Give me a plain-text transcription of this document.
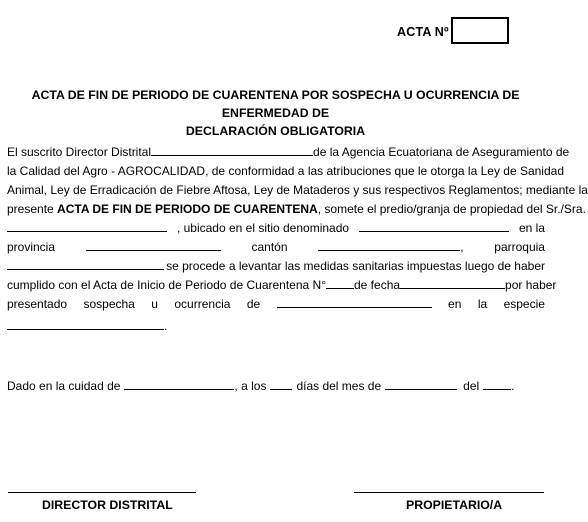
ACTA Nº
ACTA DE FIN DE PERIODO DE CUARENTENA POR SOSPECHA U OCURRENCIA DE ENFERMEDAD DE
DECLARACIÓN OBLIGATORIA
El suscrito Director Distrital	de la Agencia Ecuatoriana de Aseguramiento de
la Calidad del Agro - AGROCALIDAD, de conformidad a las atribuciones que le otorga la Ley de Sanidad
Animal, Ley de Erradicación de Fiebre Aftosa, Ley de Mataderos y sus respectivos Reglamentos; mediante la
presente ACTA DE FIN DE PERIODO DE CUARENTENA, somete el predio/granja de propiedad del Sr./Sra.
, ubicado en el sitio denominado	en la
provincia	cantón	,	parroquia
se procede a levantar las medidas sanitarias impuestas luego de haber
cumplido con el Acta de Inicio de Periodo de Cuarentena N° de fecha	por haber
presentado sospecha u ocurrencia de	en la especie
.
Dado en la cuidad de	, a los	días del mes de	del	.
DIRECTOR DISTRITAL	PROPIETARIO/A
